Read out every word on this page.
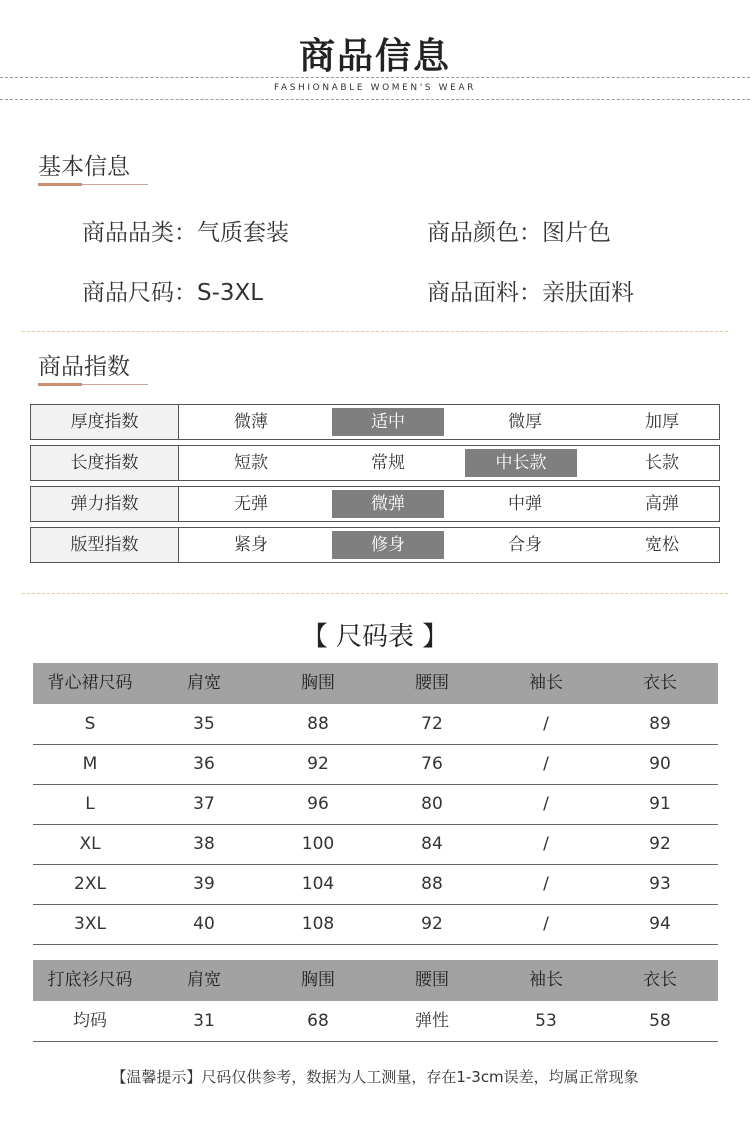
商品信息
FASHIONABLE WOMEN'S WEAR
基本信息
商品品类：气质套装	商品颜色：图片色
商品尺码：S-3XL	商品面料：亲肤面料
商品指数
厚度指数	微薄	适中	微厚	加厚
长度指数	短款	常规	中长款	长款
弹力指数	无弹	微弹	中弹	高弹
版型指数	紧身	修身	合身	宽松
【 尺码表 】
背心裙尺码	肩宽	胸围	腰围	袖长	衣长
S	35	88	72	/	89
M	36	92	76	/	90
L	37	96	80	/	91
XL	38	100	84	/	92
2XL	39	104	88	/	93
3XL	40	108	92	/	94
打底衫尺码	肩宽	胸围	腰围	袖长	衣长
均码	31	68	弹性	53	58
【温馨提示】尺码仅供参考，数据为人工测量，存在1-3cm误差，均属正常现象
